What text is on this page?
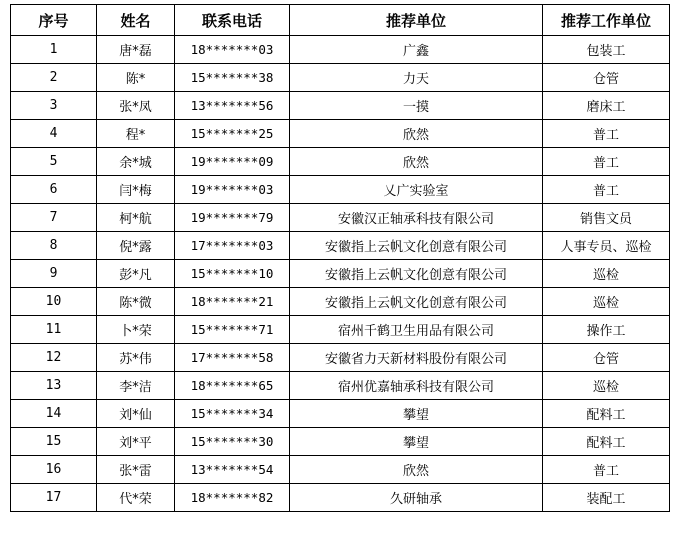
序号	姓名	联系电话	推荐单位	推荐工作单位
1	唐*磊	18*******03	广鑫	包装工
2	陈*	15*******38	力天	仓管
3	张*凤	13*******56	一摸	磨床工
4	程*	15*******25	欣然	普工
5	余*城	19*******09	欣然	普工
6	闫*梅	19*******03	乂广实验室	普工
7	柯*航	19*******79	安徽汉正轴承科技有限公司	销售文员
8	倪*露	17*******03	安徽指上云帆文化创意有限公司	人事专员、巡检
9	彭*凡	15*******10	安徽指上云帆文化创意有限公司	巡检
10	陈*微	18*******21	安徽指上云帆文化创意有限公司	巡检
11	卜*荣	15*******71	宿州千鹤卫生用品有限公司	操作工
12	苏*伟	17*******58	安徽省力天新材料股份有限公司	仓管
13	李*洁	18*******65	宿州优嘉轴承科技有限公司	巡检
14	刘*仙	15*******34	攀望	配料工
15	刘*平	15*******30	攀望	配料工
16	张*雷	13*******54	欣然	普工
17	代*荣	18*******82	久研轴承	装配工
